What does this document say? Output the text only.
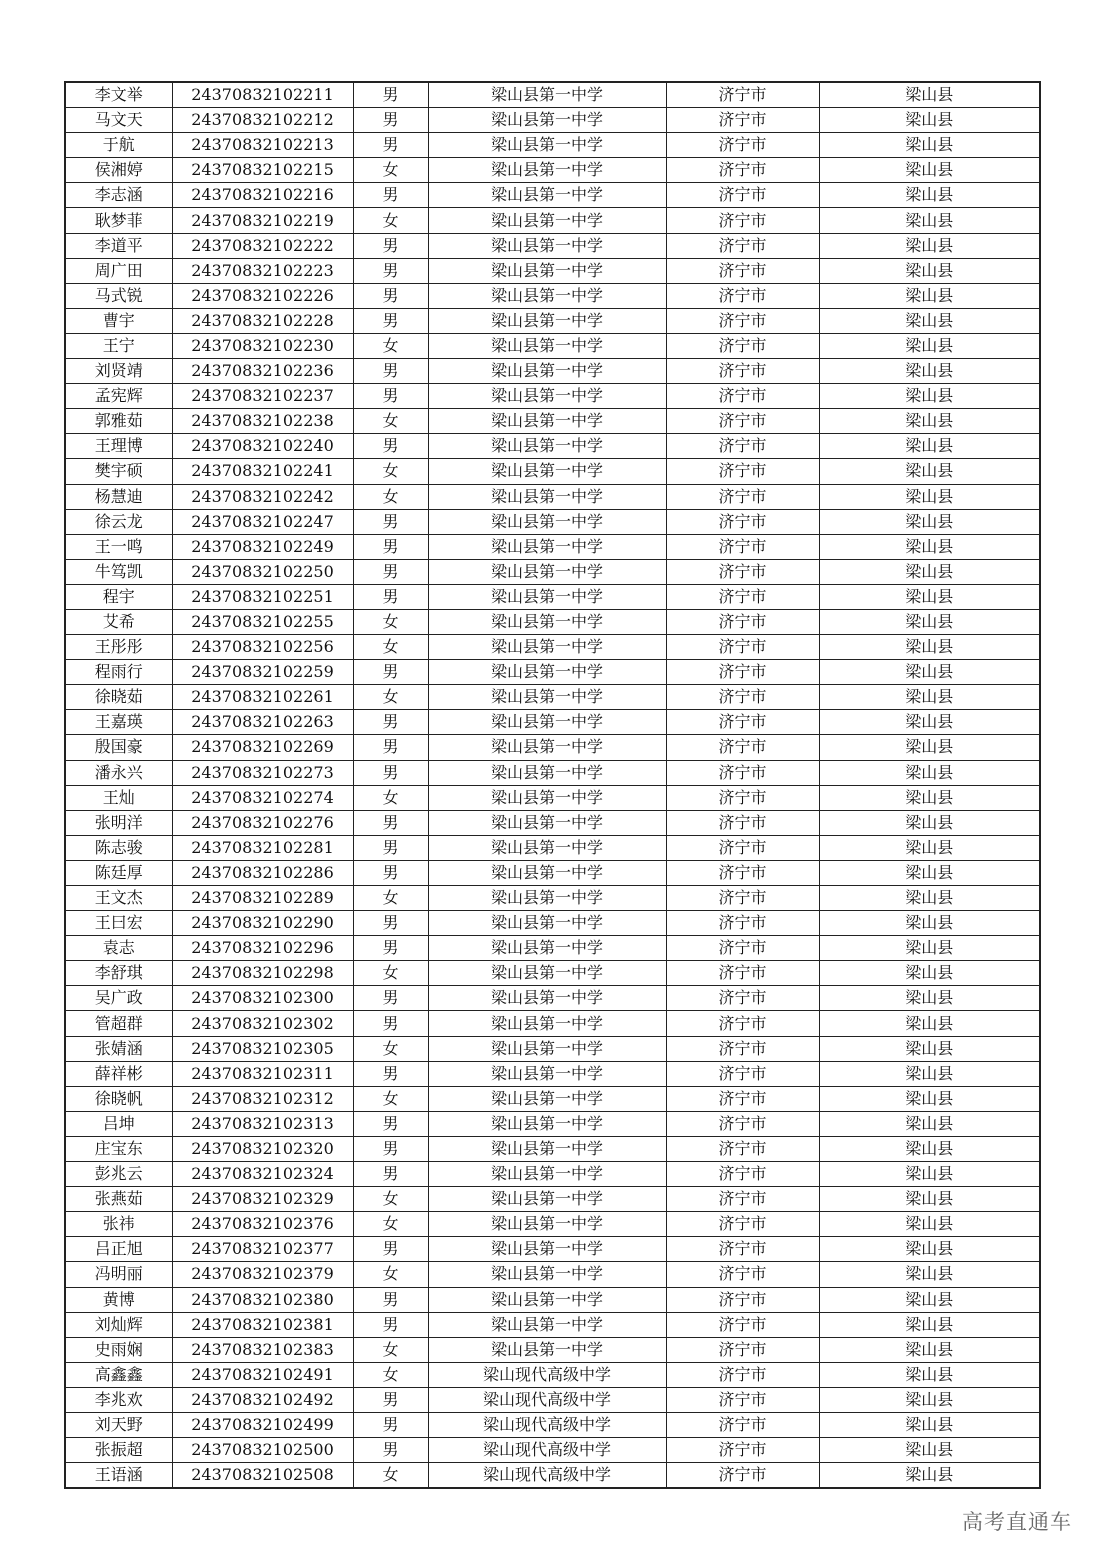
李文举	24370832102211	男	梁山县第一中学	济宁市	梁山县
马文天	24370832102212	男	梁山县第一中学	济宁市	梁山县
于航	24370832102213	男	梁山县第一中学	济宁市	梁山县
侯湘婷	24370832102215	女	梁山县第一中学	济宁市	梁山县
李志涵	24370832102216	男	梁山县第一中学	济宁市	梁山县
耿梦菲	24370832102219	女	梁山县第一中学	济宁市	梁山县
李道平	24370832102222	男	梁山县第一中学	济宁市	梁山县
周广田	24370832102223	男	梁山县第一中学	济宁市	梁山县
马式锐	24370832102226	男	梁山县第一中学	济宁市	梁山县
曹宇	24370832102228	男	梁山县第一中学	济宁市	梁山县
王宁	24370832102230	女	梁山县第一中学	济宁市	梁山县
刘贤靖	24370832102236	男	梁山县第一中学	济宁市	梁山县
孟宪辉	24370832102237	男	梁山县第一中学	济宁市	梁山县
郭雅茹	24370832102238	女	梁山县第一中学	济宁市	梁山县
王理博	24370832102240	男	梁山县第一中学	济宁市	梁山县
樊宇硕	24370832102241	女	梁山县第一中学	济宁市	梁山县
杨慧迪	24370832102242	女	梁山县第一中学	济宁市	梁山县
徐云龙	24370832102247	男	梁山县第一中学	济宁市	梁山县
王一鸣	24370832102249	男	梁山县第一中学	济宁市	梁山县
牛笃凯	24370832102250	男	梁山县第一中学	济宁市	梁山县
程宇	24370832102251	男	梁山县第一中学	济宁市	梁山县
艾希	24370832102255	女	梁山县第一中学	济宁市	梁山县
王彤彤	24370832102256	女	梁山县第一中学	济宁市	梁山县
程雨行	24370832102259	男	梁山县第一中学	济宁市	梁山县
徐晓茹	24370832102261	女	梁山县第一中学	济宁市	梁山县
王嘉瑛	24370832102263	男	梁山县第一中学	济宁市	梁山县
殷国豪	24370832102269	男	梁山县第一中学	济宁市	梁山县
潘永兴	24370832102273	男	梁山县第一中学	济宁市	梁山县
王灿	24370832102274	女	梁山县第一中学	济宁市	梁山县
张明洋	24370832102276	男	梁山县第一中学	济宁市	梁山县
陈志骏	24370832102281	男	梁山县第一中学	济宁市	梁山县
陈廷厚	24370832102286	男	梁山县第一中学	济宁市	梁山县
王文杰	24370832102289	女	梁山县第一中学	济宁市	梁山县
王曰宏	24370832102290	男	梁山县第一中学	济宁市	梁山县
袁志	24370832102296	男	梁山县第一中学	济宁市	梁山县
李舒琪	24370832102298	女	梁山县第一中学	济宁市	梁山县
吴广政	24370832102300	男	梁山县第一中学	济宁市	梁山县
管超群	24370832102302	男	梁山县第一中学	济宁市	梁山县
张婧涵	24370832102305	女	梁山县第一中学	济宁市	梁山县
薛祥彬	24370832102311	男	梁山县第一中学	济宁市	梁山县
徐晓帆	24370832102312	女	梁山县第一中学	济宁市	梁山县
吕坤	24370832102313	男	梁山县第一中学	济宁市	梁山县
庄宝东	24370832102320	男	梁山县第一中学	济宁市	梁山县
彭兆云	24370832102324	男	梁山县第一中学	济宁市	梁山县
张燕茹	24370832102329	女	梁山县第一中学	济宁市	梁山县
张祎	24370832102376	女	梁山县第一中学	济宁市	梁山县
吕正旭	24370832102377	男	梁山县第一中学	济宁市	梁山县
冯明丽	24370832102379	女	梁山县第一中学	济宁市	梁山县
黄博	24370832102380	男	梁山县第一中学	济宁市	梁山县
刘灿辉	24370832102381	男	梁山县第一中学	济宁市	梁山县
史雨娴	24370832102383	女	梁山县第一中学	济宁市	梁山县
高鑫鑫	24370832102491	女	梁山现代高级中学	济宁市	梁山县
李兆欢	24370832102492	男	梁山现代高级中学	济宁市	梁山县
刘天野	24370832102499	男	梁山现代高级中学	济宁市	梁山县
张振超	24370832102500	男	梁山现代高级中学	济宁市	梁山县
王语涵	24370832102508	女	梁山现代高级中学	济宁市	梁山县
高考直通车
